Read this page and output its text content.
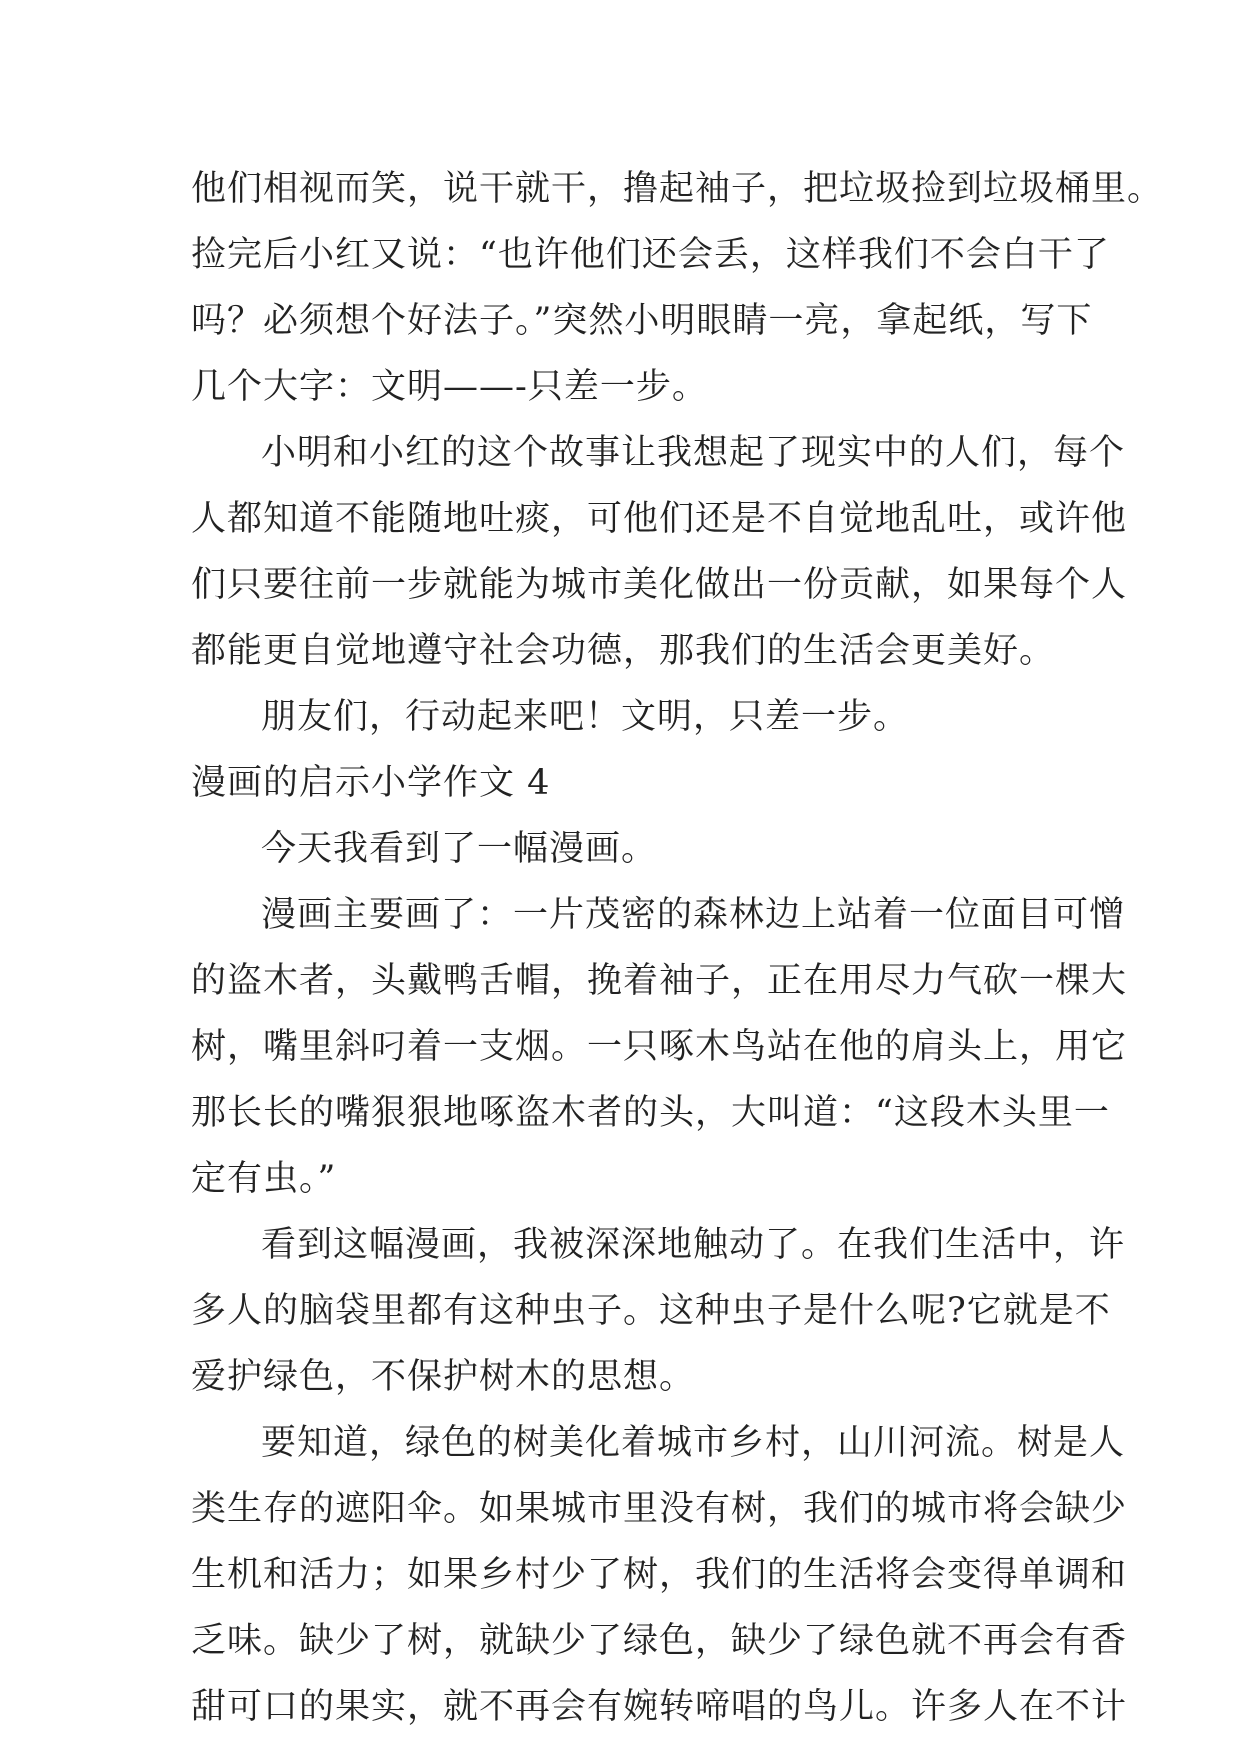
他们相视而笑，说干就干，撸起袖子，把垃圾捡到垃圾桶里。
捡完后小红又说：“也许他们还会丢，这样我们不会白干了
吗？必须想个好法子。”突然小明眼睛一亮，拿起纸，写下
几个大字：文明——-只差一步。
小明和小红的这个故事让我想起了现实中的人们，每个
人都知道不能随地吐痰，可他们还是不自觉地乱吐，或许他
们只要往前一步就能为城市美化做出一份贡献，如果每个人
都能更自觉地遵守社会功德，那我们的生活会更美好。
朋友们，行动起来吧！文明，只差一步。
漫画的启示小学作文 4
今天我看到了一幅漫画。
漫画主要画了：一片茂密的森林边上站着一位面目可憎
的盗木者，头戴鸭舌帽，挽着袖子，正在用尽力气砍一棵大
树，嘴里斜叼着一支烟。一只啄木鸟站在他的肩头上，用它
那长长的嘴狠狠地啄盗木者的头，大叫道：“这段木头里一
定有虫。”
看到这幅漫画，我被深深地触动了。在我们生活中，许
多人的脑袋里都有这种虫子。这种虫子是什么呢?它就是不
爱护绿色，不保护树木的思想。
要知道，绿色的树美化着城市乡村，山川河流。树是人
类生存的遮阳伞。如果城市里没有树，我们的城市将会缺少
生机和活力；如果乡村少了树，我们的生活将会变得单调和
乏味。缺少了树，就缺少了绿色，缺少了绿色就不再会有香
甜可口的果实，就不再会有婉转啼唱的鸟儿。许多人在不计
